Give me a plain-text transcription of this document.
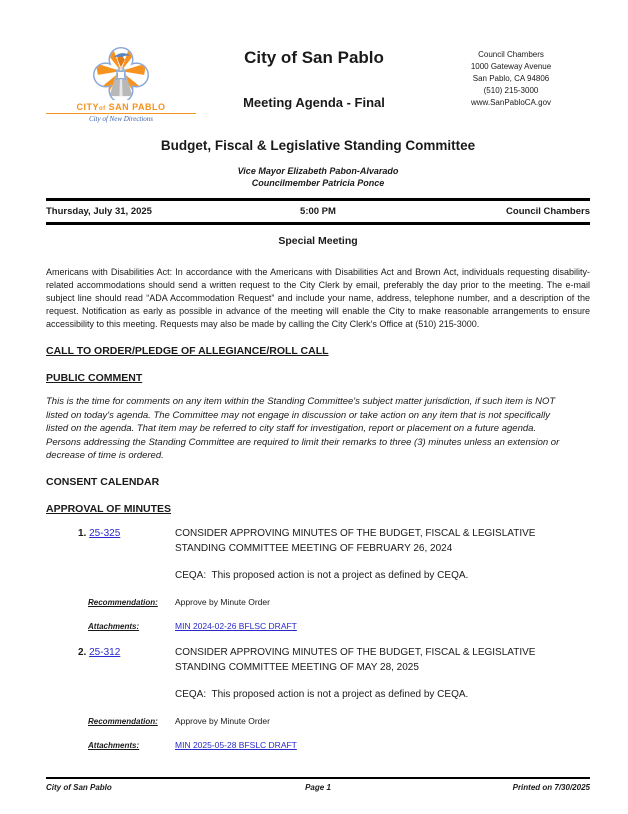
CITYof SAN PABLO
City of New Directions
City of San Pablo
Meeting Agenda - Final
Council Chambers
1000 Gateway Avenue
San Pablo, CA 94806
(510) 215-3000
www.SanPabloCA.gov
Budget, Fiscal & Legislative Standing Committee
Vice Mayor Elizabeth Pabon-Alvarado
Councilmember Patricia Ponce
Thursday, July 31, 2025	5:00 PM	Council Chambers
Special Meeting
Americans with Disabilities Act: In accordance with the Americans with Disabilities Act and Brown Act, individuals requesting disability-related accommodations should send a written request to the City Clerk by email, preferably the day prior to the meeting. The e-mail subject line should read “ADA Accommodation Request” and include your name, address, telephone number, and a description of the request. Notification as early as possible in advance of the meeting will enable the City to make reasonable arrangements to ensure accessibility to this meeting. Requests may also be made by calling the City Clerk's Office at (510) 215-3000.
CALL TO ORDER/PLEDGE OF ALLEGIANCE/ROLL CALL
PUBLIC COMMENT
This is the time for comments on any item within the Standing Committee's subject matter jurisdiction, if such item is NOT listed on today's agenda. The Committee may not engage in discussion or take action on any item that is not specifically listed on the agenda. That item may be referred to city staff for investigation, report or placement on a future agenda. Persons addressing the Standing Committee are required to limit their remarks to three (3) minutes unless an extension or decrease of time is ordered.
CONSENT CALENDAR
APPROVAL OF MINUTES
1. 25-325	CONSIDER APPROVING MINUTES OF THE BUDGET, FISCAL & LEGISLATIVE STANDING COMMITTEE MEETING OF FEBRUARY 26, 2024
CEQA:  This proposed action is not a project as defined by CEQA.
Recommendation:	Approve by Minute Order
Attachments:	MIN 2024-02-26 BFLSC DRAFT
2. 25-312	CONSIDER APPROVING MINUTES OF THE BUDGET, FISCAL & LEGISLATIVE STANDING COMMITTEE MEETING OF MAY 28, 2025
CEQA:  This proposed action is not a project as defined by CEQA.
Recommendation:	Approve by Minute Order
Attachments:	MIN 2025-05-28 BFSLC DRAFT
City of San Pablo	Page 1	Printed on 7/30/2025
